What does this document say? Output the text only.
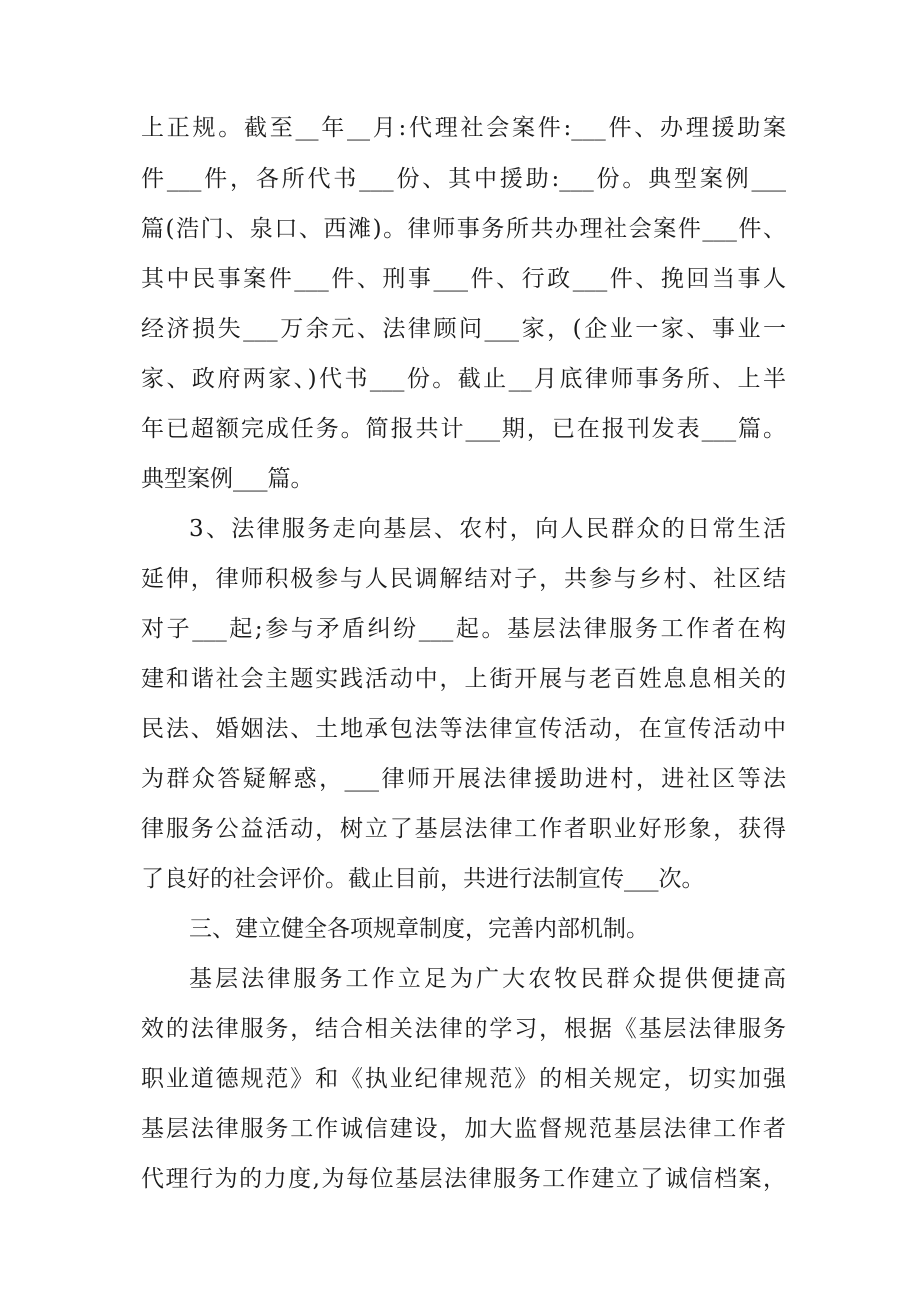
上正规。截至__年__月:代理社会案件:___件、办理援助案
件___件，各所代书___份、其中援助:___份。典型案例___
篇(浩门、泉口、西滩)。律师事务所共办理社会案件___件、
其中民事案件___件、刑事___件、行政___件、挽回当事人
经济损失___万余元、法律顾问___家，(企业一家、事业一
家、政府两家、)代书___份。截止__月底律师事务所、上半
年已超额完成任务。简报共计___期，已在报刊发表___篇。
典型案例___篇。
3、法律服务走向基层、农村，向人民群众的日常生活
延伸，律师积极参与人民调解结对子，共参与乡村、社区结
对子___起;参与矛盾纠纷___起。基层法律服务工作者在构
建和谐社会主题实践活动中，上街开展与老百姓息息相关的
民法、婚姻法、土地承包法等法律宣传活动，在宣传活动中
为群众答疑解惑，___律师开展法律援助进村，进社区等法
律服务公益活动，树立了基层法律工作者职业好形象，获得
了良好的社会评价。截止目前，共进行法制宣传___次。
三、建立健全各项规章制度，完善内部机制。
基层法律服务工作立足为广大农牧民群众提供便捷高
效的法律服务，结合相关法律的学习，根据《基层法律服务
职业道德规范》和《执业纪律规范》的相关规定，切实加强
基层法律服务工作诚信建设，加大监督规范基层法律工作者
代理行为的力度,为每位基层法律服务工作建立了诚信档案，
